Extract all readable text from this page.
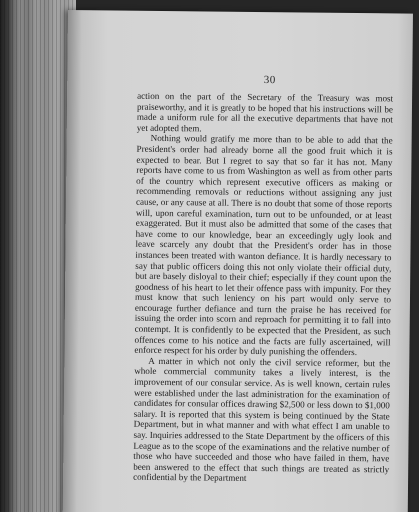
30

action on the part of the Secretary of the Treasury was most praiseworthy, and it is greatly to be hoped that his instructions will be made a uniform rule for all the executive departments that have not yet adopted them.

Nothing would gratify me more than to be able to add that the President's order had already borne all the good fruit which it is expected to bear. But I regret to say that so far it has not. Many reports have come to us from Washington as well as from other parts of the country which represent executive officers as making or recommending removals or reductions without assigning any just cause, or any cause at all. There is no doubt that some of those reports will, upon careful examination, turn out to be unfounded, or at least exaggerated. But it must also be admitted that some of the cases that have come to our knowledge, bear an exceedingly ugly look and leave scarcely any doubt that the President's order has in those instances been treated with wanton defiance. It is hardly necessary to say that public officers doing this not only violate their official duty, but are basely disloyal to their chief; especially if they count upon the goodness of his heart to let their offence pass with impunity. For they must know that such leniency on his part would only serve to encourage further defiance and turn the praise he has received for issuing the order into scorn and reproach for permitting it to fall into contempt. It is confidently to be expected that the President, as such offences come to his notice and the facts are fully ascertained, will enforce respect for his order by duly punishing the offenders.

A matter in which not only the civil service reformer, but the whole commercial community takes a lively interest, is the improvement of our consular service. As is well known, certain rules were established under the last administration for the examination of candidates for consular offices drawing $2,500 or less down to $1,000 salary. It is reported that this system is being continued by the State Department, but in what manner and with what effect I am unable to say. Inquiries addressed to the State Department by the officers of this League as to the scope of the examinations and the relative number of those who have succeeded and those who have failed in them, have been answered to the effect that such things are treated as strictly confidential by the Department
